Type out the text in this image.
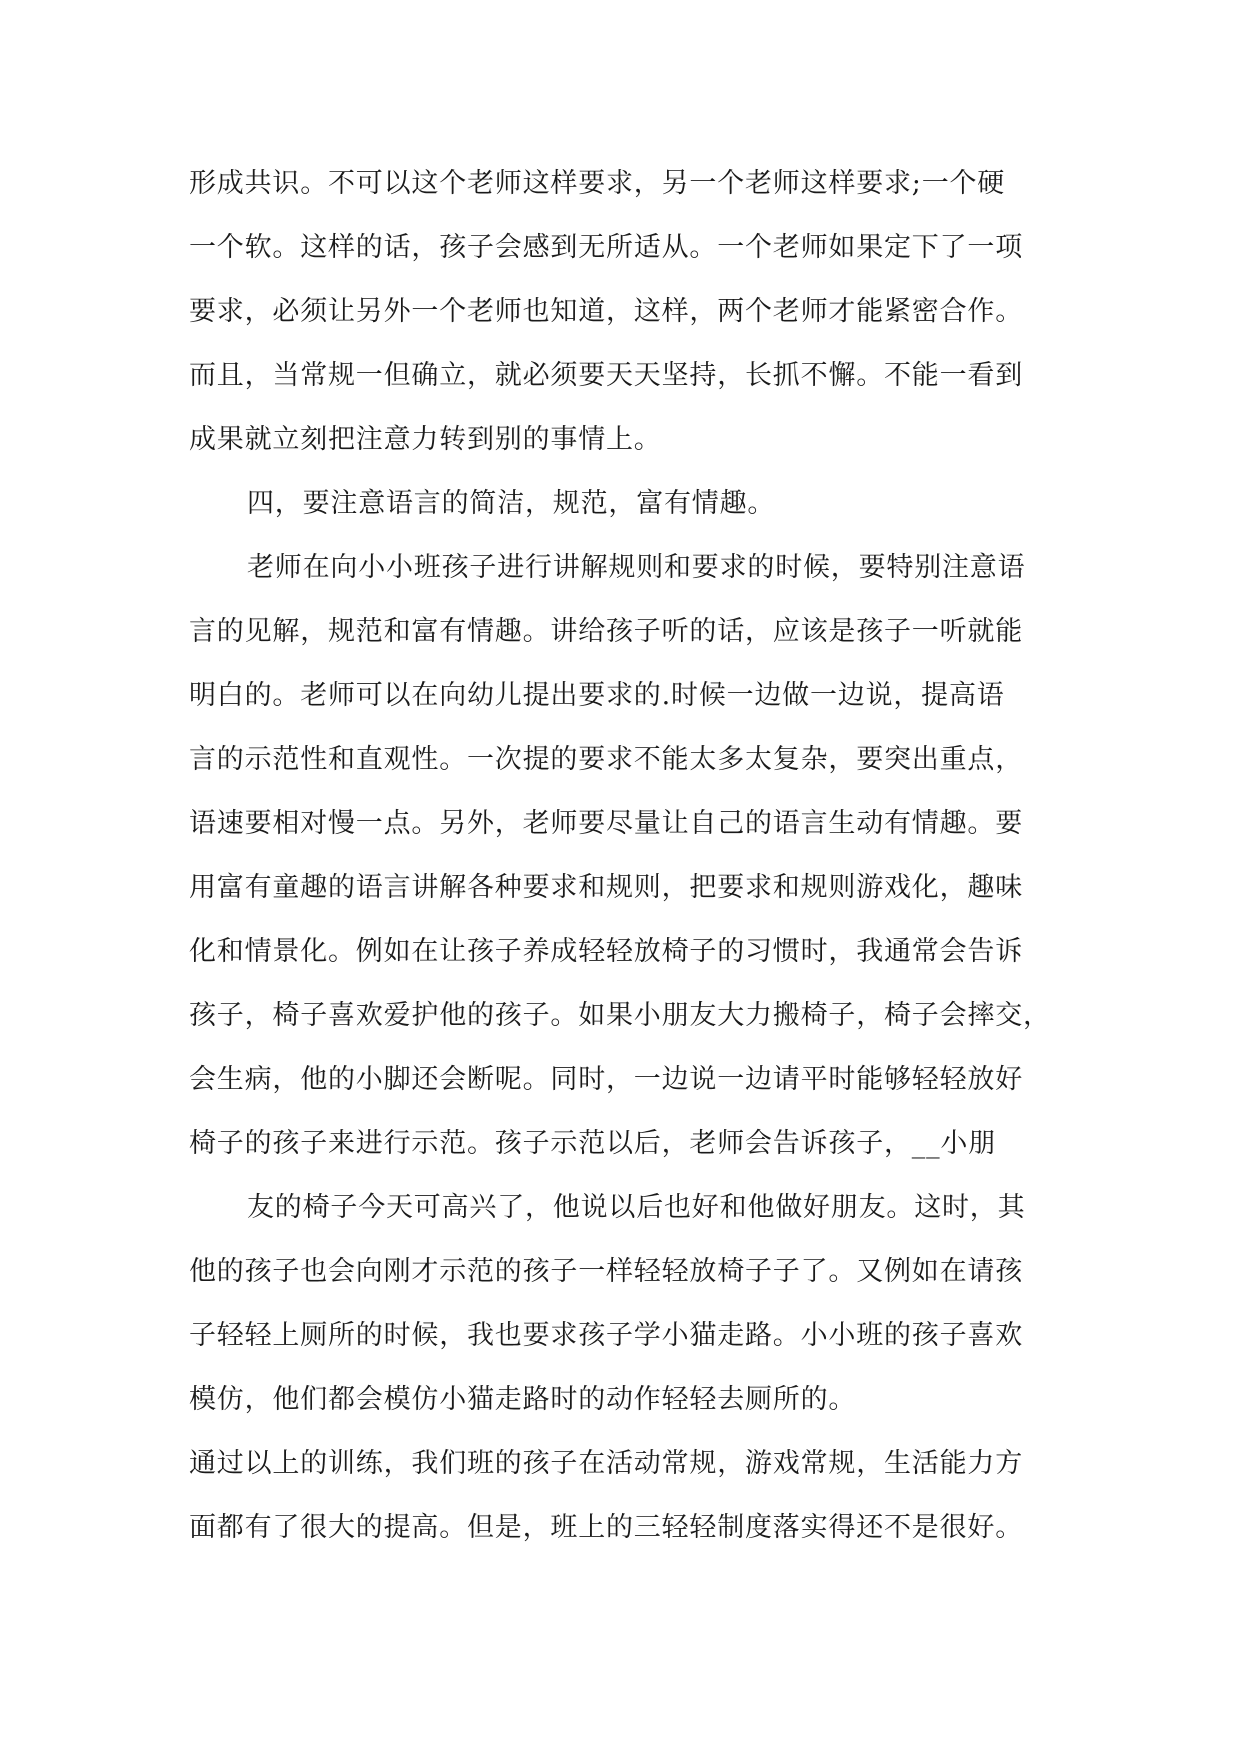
形成共识。不可以这个老师这样要求，另一个老师这样要求;一个硬
一个软。这样的话，孩子会感到无所适从。一个老师如果定下了一项
要求，必须让另外一个老师也知道，这样，两个老师才能紧密合作。
而且，当常规一但确立，就必须要天天坚持，长抓不懈。不能一看到
成果就立刻把注意力转到别的事情上。
四，要注意语言的简洁，规范，富有情趣。
老师在向小小班孩子进行讲解规则和要求的时候，要特别注意语
言的见解，规范和富有情趣。讲给孩子听的话，应该是孩子一听就能
明白的。老师可以在向幼儿提出要求的.时候一边做一边说，提高语
言的示范性和直观性。一次提的要求不能太多太复杂，要突出重点，
语速要相对慢一点。另外，老师要尽量让自己的语言生动有情趣。要
用富有童趣的语言讲解各种要求和规则，把要求和规则游戏化，趣味
化和情景化。例如在让孩子养成轻轻放椅子的习惯时，我通常会告诉
孩子，椅子喜欢爱护他的孩子。如果小朋友大力搬椅子，椅子会摔交，
会生病，他的小脚还会断呢。同时，一边说一边请平时能够轻轻放好
椅子的孩子来进行示范。孩子示范以后，老师会告诉孩子，__小朋
友的椅子今天可高兴了，他说以后也好和他做好朋友。这时，其
他的孩子也会向刚才示范的孩子一样轻轻放椅子子了。又例如在请孩
子轻轻上厕所的时候，我也要求孩子学小猫走路。小小班的孩子喜欢
模仿，他们都会模仿小猫走路时的动作轻轻去厕所的。
通过以上的训练，我们班的孩子在活动常规，游戏常规，生活能力方
面都有了很大的提高。但是，班上的三轻轻制度落实得还不是很好。
